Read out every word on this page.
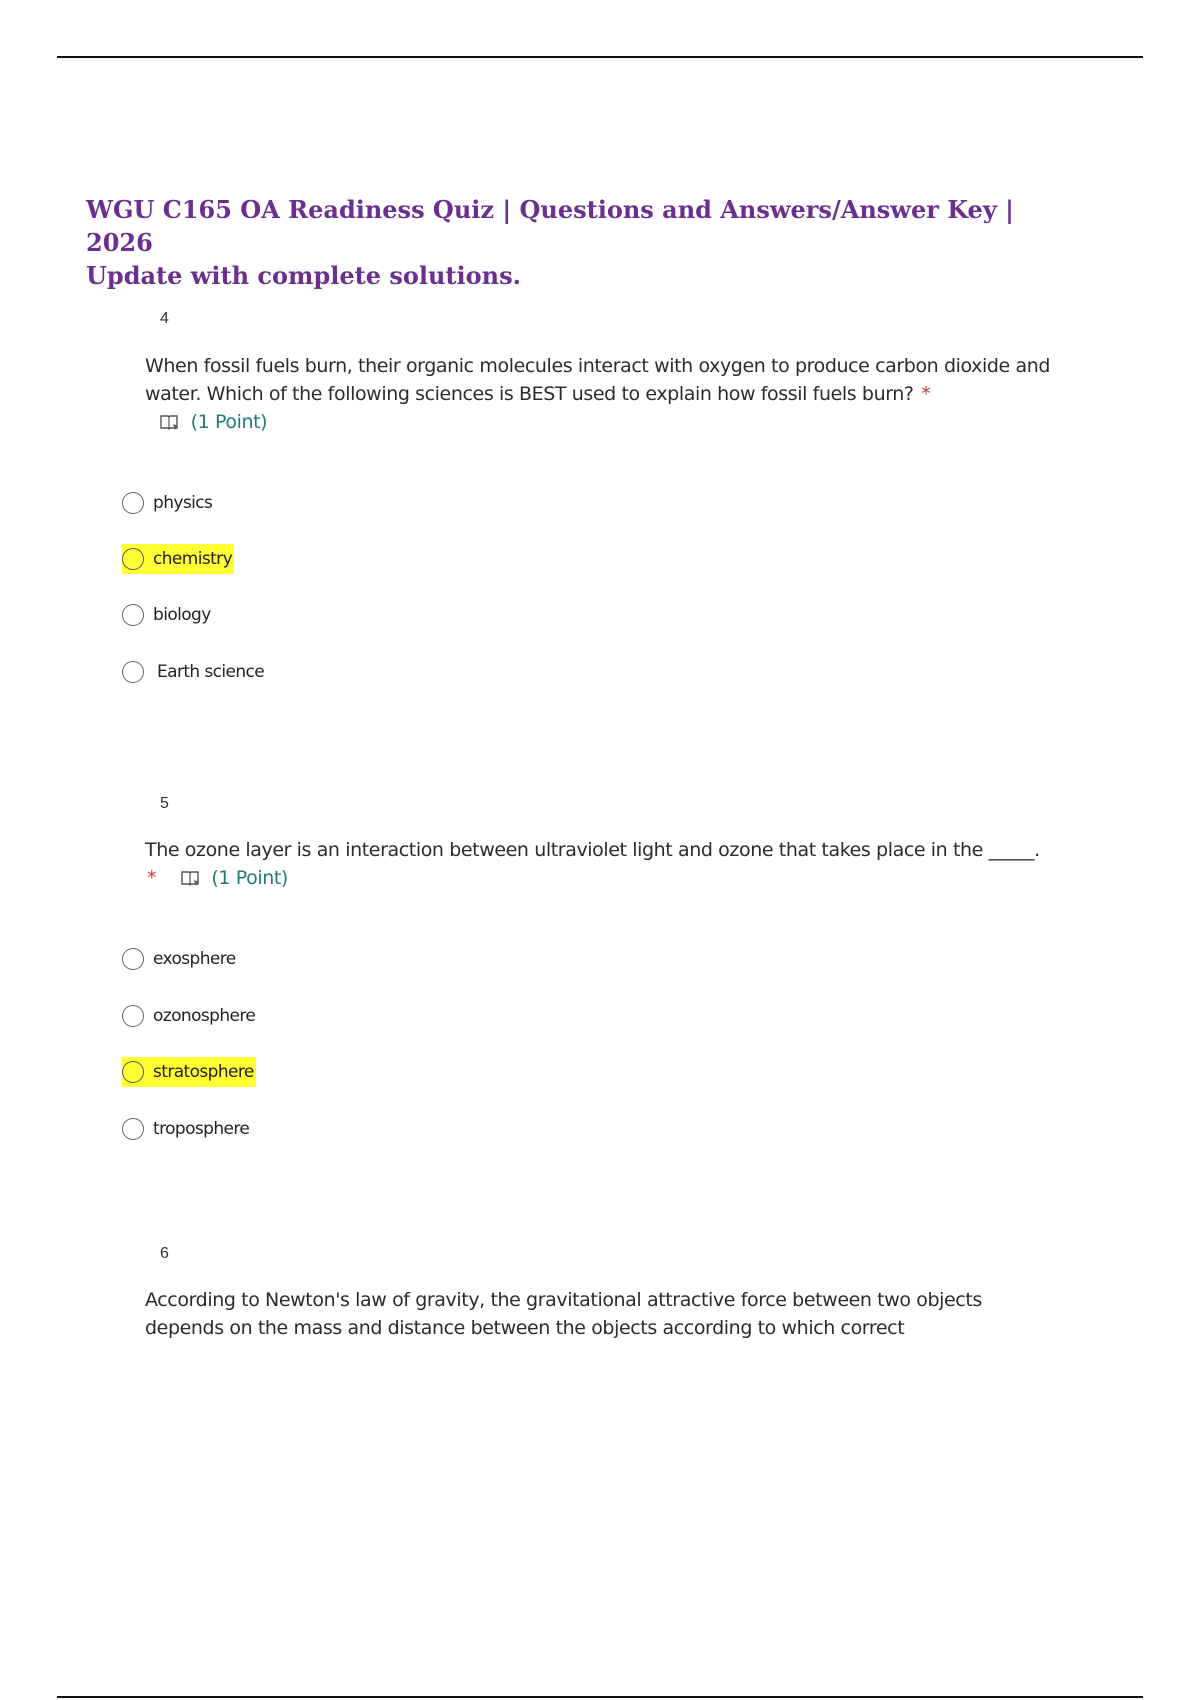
WGU C165 OA Readiness Quiz | Questions and Answers/Answer Key | 2026
Update with complete solutions.
4
When fossil fuels burn, their organic molecules interact with oxygen to produce carbon dioxide and water. Which of the following sciences is BEST used to explain how fossil fuels burn? *

(1 Point)
physics
chemistry
biology
Earth science
5
The ozone layer is an interaction between ultraviolet light and ozone that takes place in the _____. *	(1 Point)
exosphere
ozonosphere
stratosphere
troposphere
6
According to Newton's law of gravity, the gravitational attractive force between two objects depends on the mass and distance between the objects according to which correct
